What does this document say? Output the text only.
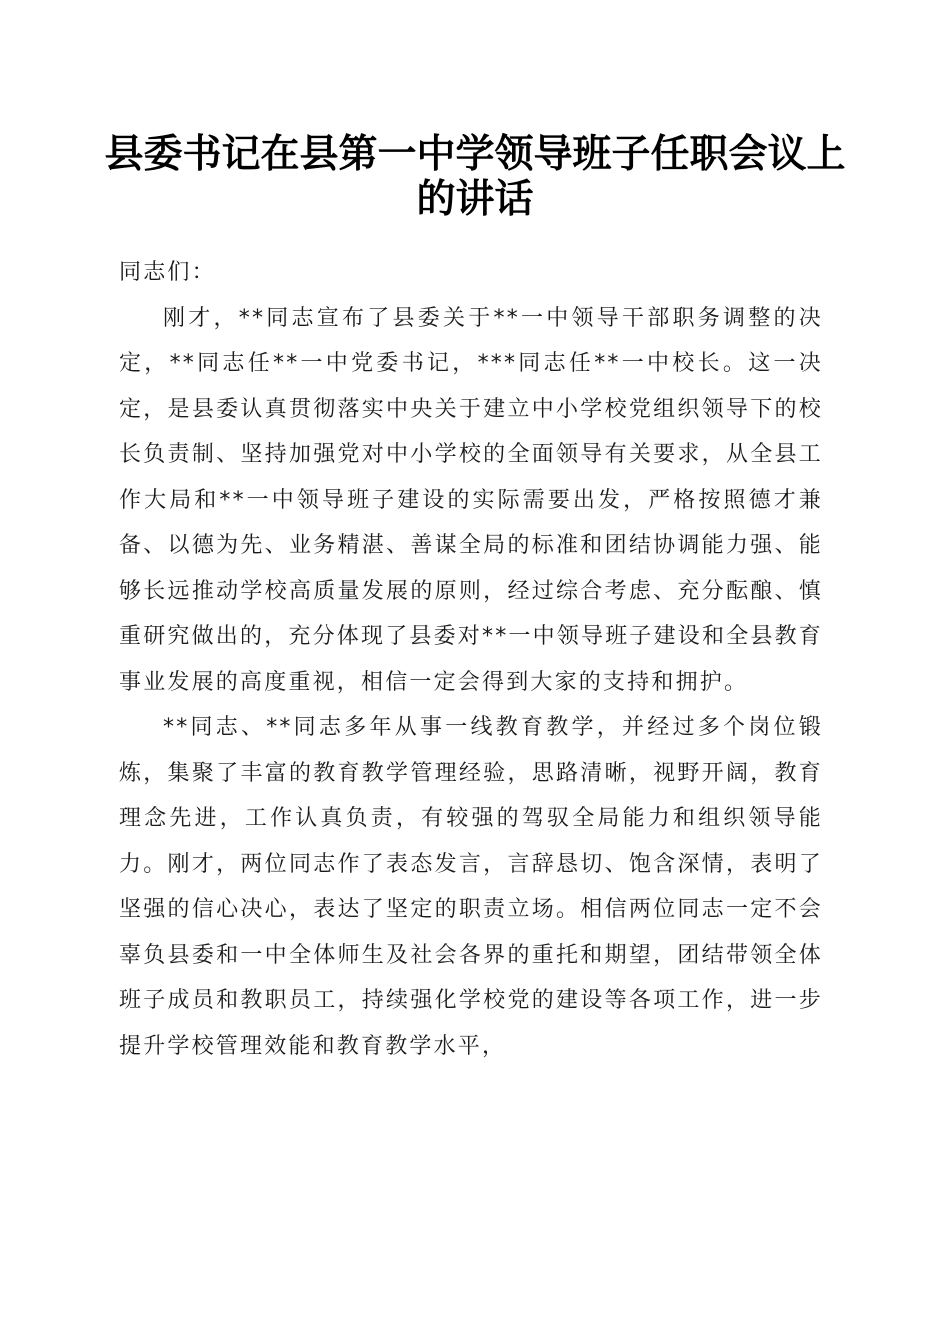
县委书记在县第一中学领导班子任职会议上的讲话

同志们：

刚才，**同志宣布了县委关于**一中领导干部职务调整的决定，**同志任**一中党委书记，***同志任**一中校长。这一决定，是县委认真贯彻落实中央关于建立中小学校党组织领导下的校长负责制、坚持加强党对中小学校的全面领导有关要求，从全县工作大局和**一中领导班子建设的实际需要出发，严格按照德才兼备、以德为先、业务精湛、善谋全局的标准和团结协调能力强、能够长远推动学校高质量发展的原则，经过综合考虑、充分酝酿、慎重研究做出的，充分体现了县委对**一中领导班子建设和全县教育事业发展的高度重视，相信一定会得到大家的支持和拥护。

**同志、**同志多年从事一线教育教学，并经过多个岗位锻炼，集聚了丰富的教育教学管理经验，思路清晰，视野开阔，教育理念先进，工作认真负责，有较强的驾驭全局能力和组织领导能力。刚才，两位同志作了表态发言，言辞恳切、饱含深情，表明了坚强的信心决心，表达了坚定的职责立场。相信两位同志一定不会辜负县委和一中全体师生及社会各界的重托和期望，团结带领全体班子成员和教职员工，持续强化学校党的建设等各项工作，进一步提升学校管理效能和教育教学水平，
